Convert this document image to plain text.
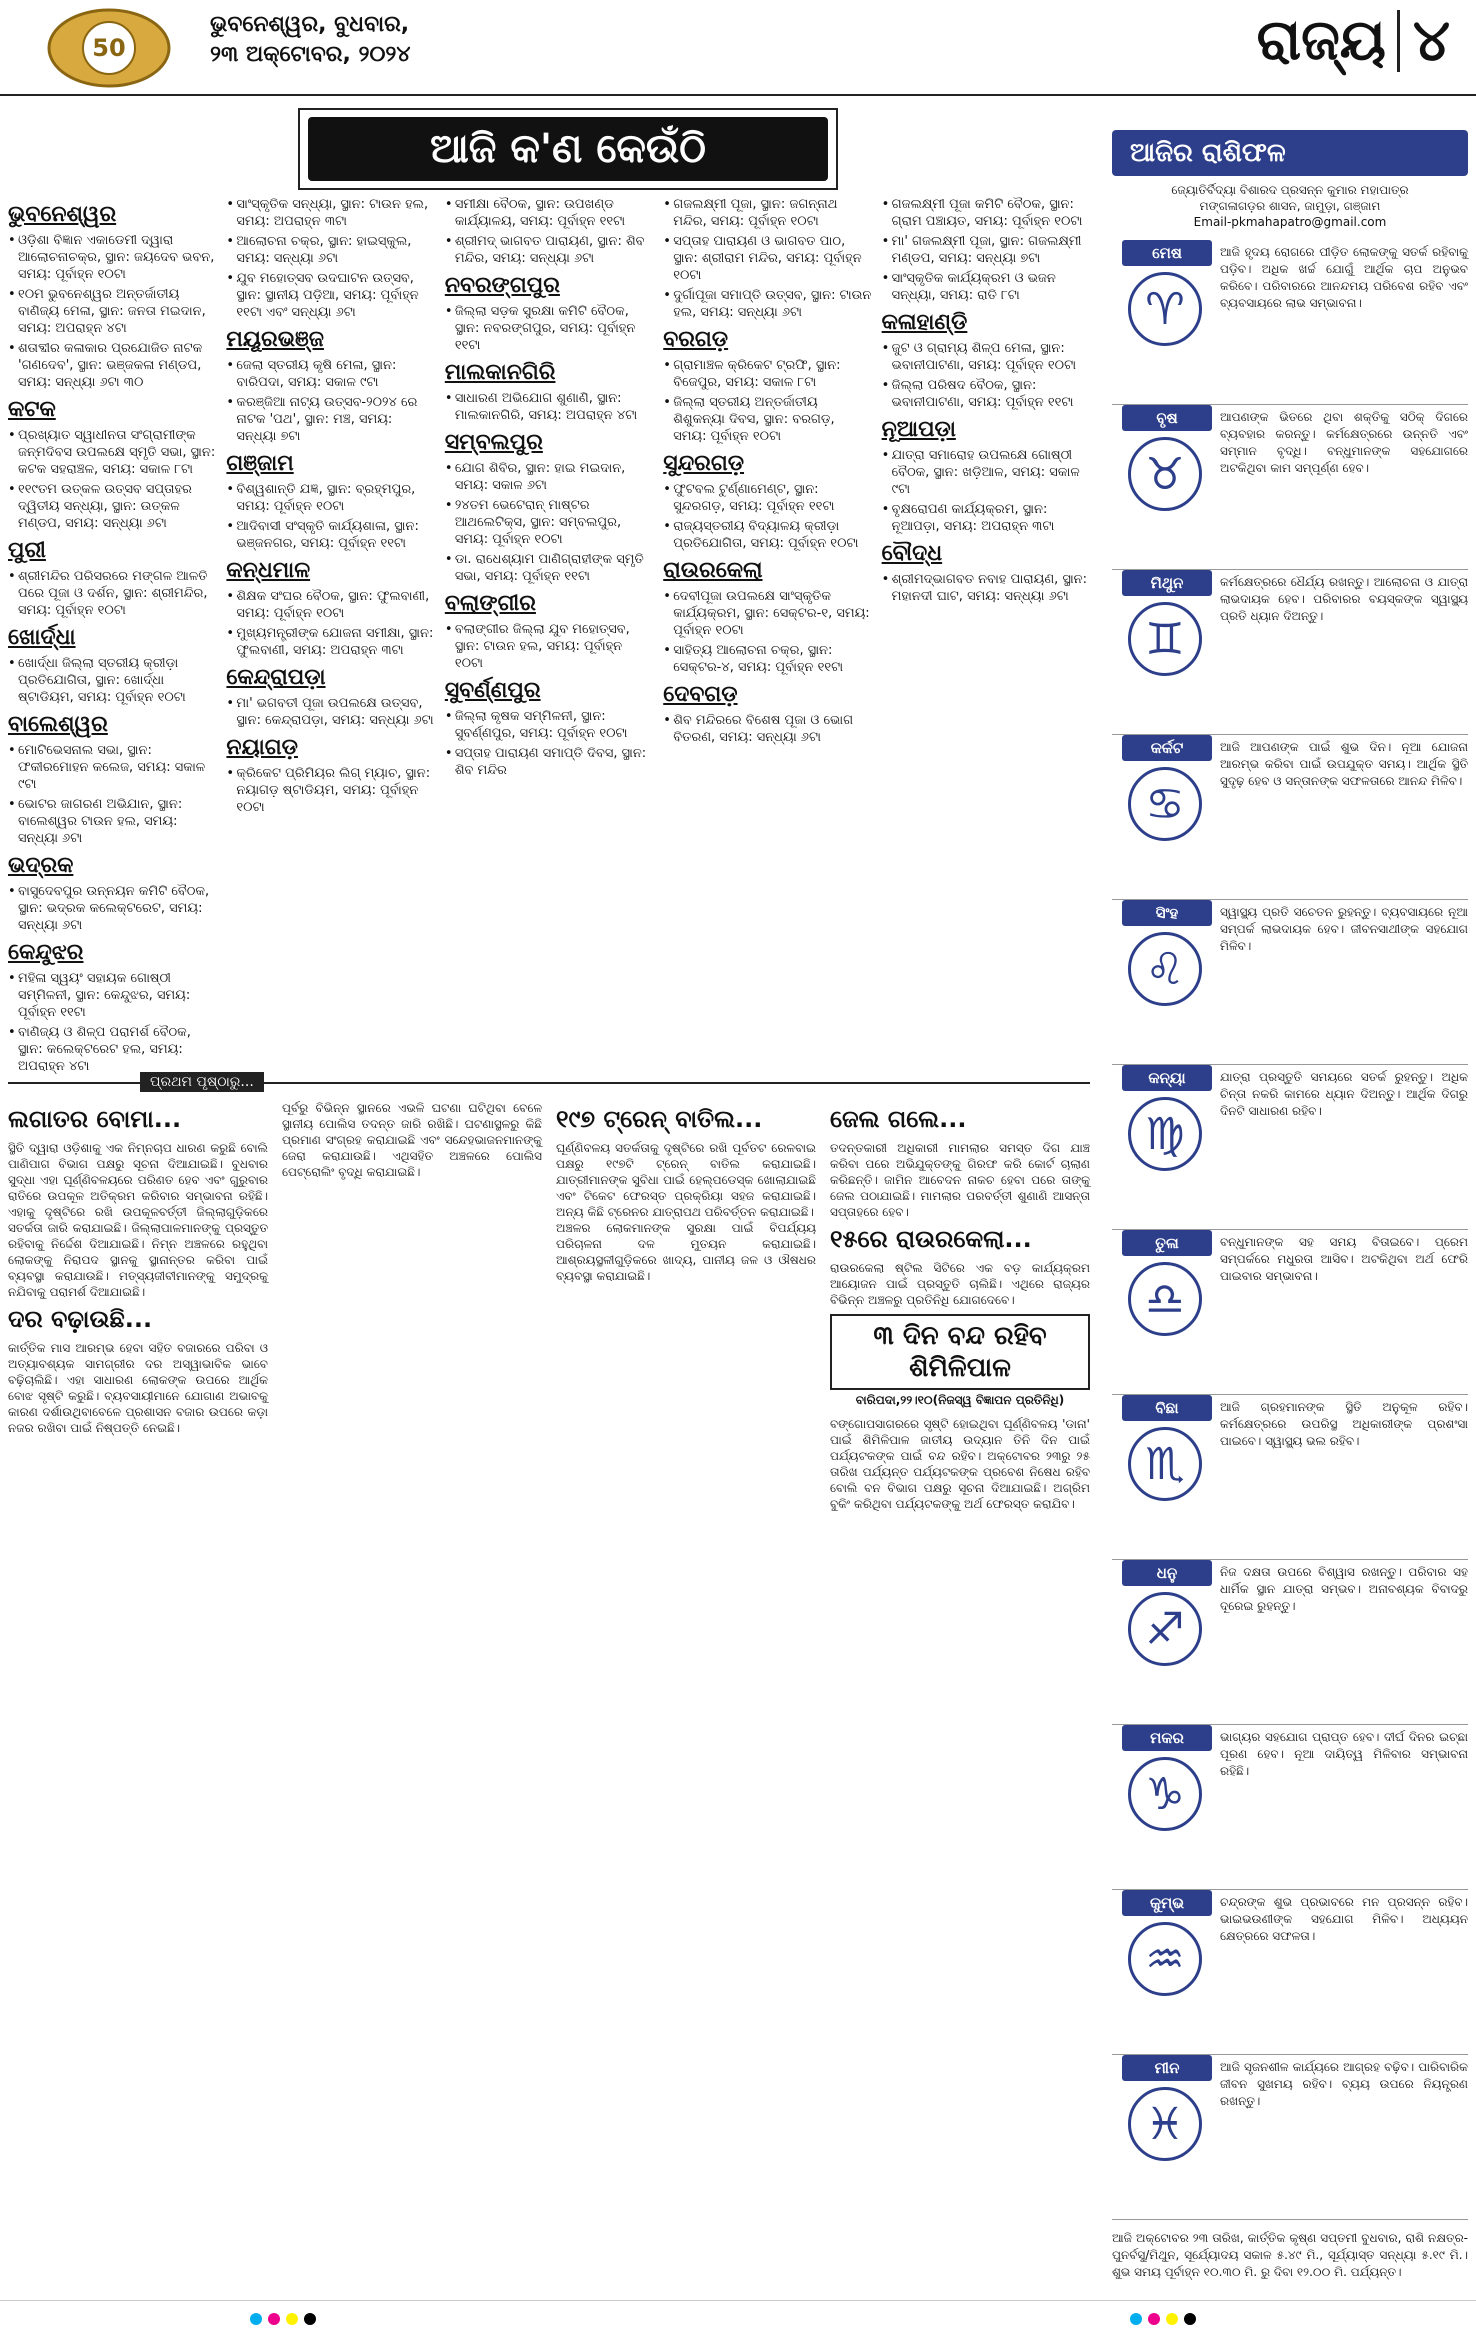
50
ଭୁବନେଶ୍ୱର, ବୁଧବାର,
୨୩ ଅକ୍ଟୋବର, ୨୦୨୪	ରାଜ୍ୟ ୪
ଆଜି କ'ଣ କେଉଁଠି
ଭୁବନେଶ୍ୱର
• ଓଡ଼ିଶା ବିଜ୍ଞାନ ଏକାଡେମୀ ଦ୍ୱାରା ଆଲୋଚନାଚକ୍ର, ସ୍ଥାନ: ଜୟଦେବ ଭବନ, ସମୟ: ପୂର୍ବାହ୍ନ ୧୦ଟା
• ୧୦ମ ଭୁବନେଶ୍ୱର ଅନ୍ତର୍ଜାତୀୟ ବାଣିଜ୍ୟ ମେଳା, ସ୍ଥାନ: ଜନତା ମଇଦାନ, ସମୟ: ଅପରାହ୍ନ ୪ଟା
• ଶତାବ୍ଦୀର କଳାକାର ପ୍ରଯୋଜିତ ନାଟକ 'ଗଣଦେବ', ସ୍ଥାନ: ଭଞ୍ଜକଳା ମଣ୍ଡପ, ସମୟ: ସନ୍ଧ୍ୟା ୬ଟା ୩୦
କଟକ
• ପ୍ରଖ୍ୟାତ ସ୍ୱାଧୀନତା ସଂଗ୍ରାମୀଙ୍କ ଜନ୍ମଦିବସ ଉପଲକ୍ଷେ ସ୍ମୃତି ସଭା, ସ୍ଥାନ: କଟକ ସହରାଞ୍ଚଳ, ସମୟ: ସକାଳ ୮ଟା
• ୧୧୯ତମ ଉତ୍କଳ ଉତ୍ସବ ସପ୍ତାହର ଦ୍ୱିତୀୟ ସନ୍ଧ୍ୟା, ସ୍ଥାନ: ଉତ୍କଳ ମଣ୍ଡପ, ସମୟ: ସନ୍ଧ୍ୟା ୬ଟା
ପୁରୀ
• ଶ୍ରୀମନ୍ଦିର ପରିସରରେ ମଙ୍ଗଳ ଆଳତି ପରେ ପୂଜା ଓ ଦର୍ଶନ, ସ୍ଥାନ: ଶ୍ରୀମନ୍ଦିର, ସମୟ: ପୂର୍ବାହ୍ନ ୧୦ଟା
ଖୋର୍ଦ୍ଧା
• ଖୋର୍ଦ୍ଧା ଜିଲ୍ଲା ସ୍ତରୀୟ କ୍ରୀଡ଼ା ପ୍ରତିଯୋଗିତା, ସ୍ଥାନ: ଖୋର୍ଦ୍ଧା ଷ୍ଟାଡିୟମ, ସମୟ: ପୂର୍ବାହ୍ନ ୧୦ଟା
ବାଲେଶ୍ୱର
• ମୋଟିଭେସନାଲ ସଭା, ସ୍ଥାନ: ଫକୀରମୋହନ କଲେଜ, ସମୟ: ସକାଳ ୯ଟା
• ଭୋଟର ଜାଗରଣ ଅଭିଯାନ, ସ୍ଥାନ: ବାଲେଶ୍ୱର ଟାଉନ ହଲ, ସମୟ: ସନ୍ଧ୍ୟା ୬ଟା
ଭଦ୍ରକ
• ବାସୁଦେବପୁର ଉନ୍ନୟନ କମିଟି ବୈଠକ, ସ୍ଥାନ: ଭଦ୍ରକ କଲେକ୍ଟରେଟ, ସମୟ: ସନ୍ଧ୍ୟା ୬ଟା
କେନ୍ଦୁଝର
• ମହିଳା ସ୍ୱୟଂ ସହାୟକ ଗୋଷ୍ଠୀ ସମ୍ମିଳନୀ, ସ୍ଥାନ: କେନ୍ଦୁଝର, ସମୟ: ପୂର୍ବାହ୍ନ ୧୧ଟା
• ବାଣିଜ୍ୟ ଓ ଶିଳ୍ପ ପରାମର୍ଶ ବୈଠକ, ସ୍ଥାନ: କଲେକ୍ଟରେଟ ହଲ, ସମୟ: ଅପରାହ୍ନ ୪ଟା
• ସାଂସ୍କୃତିକ ସନ୍ଧ୍ୟା, ସ୍ଥାନ: ଟାଉନ ହଲ, ସମୟ: ଅପରାହ୍ନ ୩ଟା
• ଆଲୋଚନା ଚକ୍ର, ସ୍ଥାନ: ହାଇସ୍କୁଲ, ସମୟ: ସନ୍ଧ୍ୟା ୬ଟା
• ଯୁବ ମହୋତ୍ସବ ଉଦଘାଟନ ଉତ୍ସବ, ସ୍ଥାନ: ସ୍ଥାନୀୟ ପଡ଼ିଆ, ସମୟ: ପୂର୍ବାହ୍ନ ୧୧ଟା ଏବଂ ସନ୍ଧ୍ୟା ୬ଟା
ମୟୂରଭଞ୍ଜ
• ଜେଲା ସ୍ତରୀୟ କୃଷି ମେଳା, ସ୍ଥାନ: ବାରିପଦା, ସମୟ: ସକାଳ ୯ଟା
• କରଞ୍ଜିଆ ନାଟ୍ୟ ଉତ୍ସବ-୨୦୨୪ ରେ ନାଟକ 'ପଥ', ସ୍ଥାନ: ମଞ୍ଚ, ସମୟ: ସନ୍ଧ୍ୟା ୭ଟା
ଗଞ୍ଜାମ
• ବିଶ୍ୱଶାନ୍ତି ଯଜ୍ଞ, ସ୍ଥାନ: ବ୍ରହ୍ମପୁର, ସମୟ: ପୂର୍ବାହ୍ନ ୧୦ଟା
• ଆଦିବାସୀ ସଂସ୍କୃତି କାର୍ଯ୍ୟଶାଳା, ସ୍ଥାନ: ଭଞ୍ଜନଗର, ସମୟ: ପୂର୍ବାହ୍ନ ୧୧ଟା
କନ୍ଧମାଳ
• ଶିକ୍ଷକ ସଂଘର ବୈଠକ, ସ୍ଥାନ: ଫୁଲବାଣୀ, ସମୟ: ପୂର୍ବାହ୍ନ ୧୦ଟା
• ମୁଖ୍ୟମନ୍ତ୍ରୀଙ୍କ ଯୋଜନା ସମୀକ୍ଷା, ସ୍ଥାନ: ଫୁଲବାଣୀ, ସମୟ: ଅପରାହ୍ନ ୩ଟା
କେନ୍ଦ୍ରାପଡ଼ା
• ମା' ଭଗବତୀ ପୂଜା ଉପଲକ୍ଷେ ଉତ୍ସବ, ସ୍ଥାନ: କେନ୍ଦ୍ରାପଡ଼ା, ସମୟ: ସନ୍ଧ୍ୟା ୬ଟା
ନୟାଗଡ଼
• କ୍ରିକେଟ ପ୍ରିମିୟର ଲିଗ୍ ମ୍ୟାଚ, ସ୍ଥାନ: ନୟାଗଡ଼ ଷ୍ଟାଡିୟମ, ସମୟ: ପୂର୍ବାହ୍ନ ୧୦ଟା
• ସମୀକ୍ଷା ବୈଠକ, ସ୍ଥାନ: ଉପଖଣ୍ଡ କାର୍ଯ୍ୟାଳୟ, ସମୟ: ପୂର୍ବାହ୍ନ ୧୧ଟା
• ଶ୍ରୀମଦ୍ ଭାଗବତ ପାରାୟଣ, ସ୍ଥାନ: ଶିବ ମନ୍ଦିର, ସମୟ: ସନ୍ଧ୍ୟା ୬ଟା
ନବରଙ୍ଗପୁର
• ଜିଲ୍ଲା ସଡ଼କ ସୁରକ୍ଷା କମିଟି ବୈଠକ, ସ୍ଥାନ: ନବରଙ୍ଗପୁର, ସମୟ: ପୂର୍ବାହ୍ନ ୧୧ଟା
ମାଲକାନଗିରି
• ସାଧାରଣ ଅଭିଯୋଗ ଶୁଣାଣି, ସ୍ଥାନ: ମାଲକାନଗିରି, ସମୟ: ଅପରାହ୍ନ ୪ଟା
ସମ୍ବଲପୁର
• ଯୋଗ ଶିବିର, ସ୍ଥାନ: ହାଇ ମଇଦାନ, ସମୟ: ସକାଳ ୬ଟା
• ୨୪ତମ ଭେଟେରାନ୍ ମାଷ୍ଟର ଆଥଲେଟିକ୍ସ, ସ୍ଥାନ: ସମ୍ବଲପୁର, ସମୟ: ପୂର୍ବାହ୍ନ ୧୦ଟା
• ଡା. ରାଧେଶ୍ୟାମ ପାଣିଗ୍ରାହୀଙ୍କ ସ୍ମୃତି ସଭା, ସମୟ: ପୂର୍ବାହ୍ନ ୧୧ଟା
ବଲାଙ୍ଗୀର
• ବଲାଙ୍ଗୀର ଜିଲ୍ଲା ଯୁବ ମହୋତ୍ସବ, ସ୍ଥାନ: ଟାଉନ ହଲ, ସମୟ: ପୂର୍ବାହ୍ନ ୧୦ଟା
ସୁବର୍ଣ୍ଣପୁର
• ଜିଲ୍ଲା କୃଷକ ସମ୍ମିଳନୀ, ସ୍ଥାନ: ସୁବର୍ଣ୍ଣପୁର, ସମୟ: ପୂର୍ବାହ୍ନ ୧୦ଟା
• ସପ୍ତାହ ପାରାୟଣ ସମାପ୍ତି ଦିବସ, ସ୍ଥାନ: ଶିବ ମନ୍ଦିର
• ଗଜଲକ୍ଷ୍ମୀ ପୂଜା, ସ୍ଥାନ: ଜଗନ୍ନାଥ ମନ୍ଦିର, ସମୟ: ପୂର୍ବାହ୍ନ ୧୦ଟା
• ସପ୍ତାହ ପାରାୟଣ ଓ ଭାଗବତ ପାଠ, ସ୍ଥାନ: ଶ୍ରୀରାମ ମନ୍ଦିର, ସମୟ: ପୂର୍ବାହ୍ନ ୧୦ଟା
• ଦୁର୍ଗାପୂଜା ସମାପ୍ତି ଉତ୍ସବ, ସ୍ଥାନ: ଟାଉନ ହଲ, ସମୟ: ସନ୍ଧ୍ୟା ୬ଟା
ବରଗଡ଼
• ଗ୍ରାମାଞ୍ଚଳ କ୍ରିକେଟ ଟ୍ରଫି, ସ୍ଥାନ: ବିଜେପୁର, ସମୟ: ସକାଳ ୮ଟା
• ଜିଲ୍ଲା ସ୍ତରୀୟ ଅନ୍ତର୍ଜାତୀୟ ଶିଶୁକନ୍ୟା ଦିବସ, ସ୍ଥାନ: ବରଗଡ଼, ସମୟ: ପୂର୍ବାହ୍ନ ୧୦ଟା
ସୁନ୍ଦରଗଡ଼
• ଫୁଟବଲ ଟୁର୍ଣ୍ଣାମେଣ୍ଟ, ସ୍ଥାନ: ସୁନ୍ଦରଗଡ଼, ସମୟ: ପୂର୍ବାହ୍ନ ୧୧ଟା
• ରାଜ୍ୟସ୍ତରୀୟ ବିଦ୍ୟାଳୟ କ୍ରୀଡ଼ା ପ୍ରତିଯୋଗିତା, ସମୟ: ପୂର୍ବାହ୍ନ ୧୦ଟା
ରାଉରକେଲା
• ଦେବୀପୂଜା ଉପଲକ୍ଷେ ସାଂସ୍କୃତିକ କାର୍ଯ୍ୟକ୍ରମ, ସ୍ଥାନ: ସେକ୍ଟର-୧, ସମୟ: ପୂର୍ବାହ୍ନ ୧୦ଟା
• ସାହିତ୍ୟ ଆଲୋଚନା ଚକ୍ର, ସ୍ଥାନ: ସେକ୍ଟର-୪, ସମୟ: ପୂର୍ବାହ୍ନ ୧୧ଟା
ଦେବଗଡ଼
• ଶିବ ମନ୍ଦିରରେ ବିଶେଷ ପୂଜା ଓ ଭୋଗ ବିତରଣ, ସମୟ: ସନ୍ଧ୍ୟା ୬ଟା
• ଗଜଲକ୍ଷ୍ମୀ ପୂଜା କମିଟି ବୈଠକ, ସ୍ଥାନ: ଗ୍ରାମ ପଞ୍ଚାୟତ, ସମୟ: ପୂର୍ବାହ୍ନ ୧୦ଟା
• ମା' ଗଜଲକ୍ଷ୍ମୀ ପୂଜା, ସ୍ଥାନ: ଗଜଲକ୍ଷ୍ମୀ ମଣ୍ଡପ, ସମୟ: ସନ୍ଧ୍ୟା ୭ଟା
• ସାଂସ୍କୃତିକ କାର୍ଯ୍ୟକ୍ରମ ଓ ଭଜନ ସନ୍ଧ୍ୟା, ସମୟ: ରାତି ୮ଟା
କଳାହାଣ୍ଡି
• ଜୁଟ ଓ ଗ୍ରାମ୍ୟ ଶିଳ୍ପ ମେଳା, ସ୍ଥାନ: ଭବାନୀପାଟଣା, ସମୟ: ପୂର୍ବାହ୍ନ ୧୦ଟା
• ଜିଲ୍ଲା ପରିଷଦ ବୈଠକ, ସ୍ଥାନ: ଭବାନୀପାଟଣା, ସମୟ: ପୂର୍ବାହ୍ନ ୧୧ଟା
ନୂଆପଡ଼ା
• ଯାତ୍ରା ସମାରୋହ ଉପଲକ୍ଷେ ଗୋଷ୍ଠୀ ବୈଠକ, ସ୍ଥାନ: ଖଡ଼ିଆଳ, ସମୟ: ସକାଳ ୯ଟା
• ବୃକ୍ଷରୋପଣ କାର୍ଯ୍ୟକ୍ରମ, ସ୍ଥାନ: ନୂଆପଡ଼ା, ସମୟ: ଅପରାହ୍ନ ୩ଟା
ବୌଦ୍ଧ
• ଶ୍ରୀମଦ୍ଭାଗବତ ନବାହ ପାରାୟଣ, ସ୍ଥାନ: ମହାନଦୀ ଘାଟ, ସମୟ: ସନ୍ଧ୍ୟା ୬ଟା
ପ୍ରଥମ ପୃଷ୍ଠାରୁ...
ଲଗାତର ବୋମା...

ସ୍ଥିତି ଦ୍ୱାରା ଓଡ଼ିଶାକୁ ଏକ ନିମ୍ନଚାପ ଧାରଣ କରୁଛି ବୋଲି ପାଣିପାଗ ବିଭାଗ ପକ୍ଷରୁ ସୂଚନା ଦିଆଯାଇଛି। ବୁଧବାର ସୁଦ୍ଧା ଏହା ଘୂର୍ଣ୍ଣିବଳୟରେ ପରିଣତ ହେବ ଏବଂ ଗୁରୁବାର ରାତିରେ ଉପକୂଳ ଅତିକ୍ରମ କରିବାର ସମ୍ଭାବନା ରହିଛି। ଏହାକୁ ଦୃଷ୍ଟିରେ ରଖି ଉପକୂଳବର୍ତ୍ତୀ ଜିଲ୍ଲାଗୁଡ଼ିକରେ ସତର୍କତା ଜାରି କରାଯାଇଛି। ଜିଲ୍ଲାପାଳମାନଙ୍କୁ ପ୍ରସ୍ତୁତ ରହିବାକୁ ନିର୍ଦ୍ଦେଶ ଦିଆଯାଇଛି। ନିମ୍ନ ଅଞ୍ଚଳରେ ରହୁଥିବା ଲୋକଙ୍କୁ ନିରାପଦ ସ୍ଥାନକୁ ସ୍ଥାନାନ୍ତର କରିବା ପାଇଁ ବ୍ୟବସ୍ଥା କରାଯାଉଛି। ମତ୍ସ୍ୟଜୀବୀମାନଙ୍କୁ ସମୁଦ୍ରକୁ ନଯିବାକୁ ପରାମର୍ଶ ଦିଆଯାଇଛି।

ଦର ବଢ଼ାଉଛି...

କାର୍ତ୍ତିକ ମାସ ଆରମ୍ଭ ହେବା ସହିତ ବଜାରରେ ପରିବା ଓ ଅତ୍ୟାବଶ୍ୟକ ସାମଗ୍ରୀର ଦର ଅସ୍ୱାଭାବିକ ଭାବେ ବଢ଼ିଚାଲିଛି। ଏହା ସାଧାରଣ ଲୋକଙ୍କ ଉପରେ ଆର୍ଥିକ ବୋଝ ସୃଷ୍ଟି କରୁଛି। ବ୍ୟବସାୟୀମାନେ ଯୋଗାଣ ଅଭାବକୁ କାରଣ ଦର୍ଶାଉଥିବାବେଳେ ପ୍ରଶାସନ ବଜାର ଉପରେ କଡ଼ା ନଜର ରଖିବା ପାଇଁ ନିଷ୍ପତ୍ତି ନେଇଛି।

ପୂର୍ବରୁ ବିଭିନ୍ନ ସ୍ଥାନରେ ଏଭଳି ଘଟଣା ଘଟିଥିବା ବେଳେ ସ୍ଥାନୀୟ ପୋଲିସ ତଦନ୍ତ ଜାରି ରଖିଛି। ଘଟଣାସ୍ଥଳରୁ କିଛି ପ୍ରମାଣ ସଂଗ୍ରହ କରାଯାଇଛି ଏବଂ ସନ୍ଦେହଭାଜନମାନଙ୍କୁ ଜେରା କରାଯାଉଛି। ଏଥିସହିତ ଅଞ୍ଚଳରେ ପୋଲିସ ପେଟ୍ରୋଲିଂ ବୃଦ୍ଧି କରାଯାଇଛି।

୧୯୭ ଟ୍ରେନ୍ ବାତିଲ...

ଘୂର୍ଣ୍ଣିବଳୟ ସତର୍କତାକୁ ଦୃଷ୍ଟିରେ ରଖି ପୂର୍ବତଟ ରେଳବାଇ ପକ୍ଷରୁ ୧୯୭ଟି ଟ୍ରେନ୍ ବାତିଲ କରାଯାଇଛି। ଯାତ୍ରୀମାନଙ୍କ ସୁବିଧା ପାଇଁ ହେଲ୍ପଡେସ୍କ ଖୋଲାଯାଇଛି ଏବଂ ଟିକେଟ ଫେରସ୍ତ ପ୍ରକ୍ରିୟା ସହଜ କରାଯାଇଛି। ଅନ୍ୟ କିଛି ଟ୍ରେନର ଯାତ୍ରାପଥ ପରିବର୍ତ୍ତନ କରାଯାଇଛି।

ଅଞ୍ଚଳର ଲୋକମାନଙ୍କ ସୁରକ୍ଷା ପାଇଁ ବିପର୍ଯ୍ୟୟ ପରିଚାଳନା ଦଳ ମୁତୟନ କରାଯାଇଛି। ଆଶ୍ରୟସ୍ଥଳୀଗୁଡ଼ିକରେ ଖାଦ୍ୟ, ପାନୀୟ ଜଳ ଓ ଔଷଧର ବ୍ୟବସ୍ଥା କରାଯାଇଛି।

ଜେଲ ଗଲେ...

ତଦନ୍ତକାରୀ ଅଧିକାରୀ ମାମଲାର ସମସ୍ତ ଦିଗ ଯାଞ୍ଚ କରିବା ପରେ ଅଭିଯୁକ୍ତଙ୍କୁ ଗିରଫ କରି କୋର୍ଟ ଚାଲାଣ କରିଛନ୍ତି। ଜାମିନ ଆବେଦନ ନାକଚ ହେବା ପରେ ତାଙ୍କୁ ଜେଲ ପଠାଯାଇଛି। ମାମଲାର ପରବର୍ତ୍ତୀ ଶୁଣାଣି ଆସନ୍ତା ସପ୍ତାହରେ ହେବ।

୧୫ରେ ରାଉରକେଲା...

ରାଉରକେଲା ଷ୍ଟିଲ ସିଟିରେ ଏକ ବଡ଼ କାର୍ଯ୍ୟକ୍ରମ ଆୟୋଜନ ପାଇଁ ପ୍ରସ୍ତୁତି ଚାଲିଛି। ଏଥିରେ ରାଜ୍ୟର ବିଭିନ୍ନ ଅଞ୍ଚଳରୁ ପ୍ରତିନିଧି ଯୋଗଦେବେ।

୩ ଦିନ ବନ୍ଦ ରହିବ ଶିମିଳିପାଳ
ବାରିପଦା,୨୨।୧୦(ନିଜସ୍ୱ ବିଜ୍ଞାପନ ପ୍ରତିନିଧି)

ବଙ୍ଗୋପସାଗରରେ ସୃଷ୍ଟି ହୋଇଥିବା ଘୂର୍ଣ୍ଣିବଳୟ 'ଡାନା' ପାଇଁ ଶିମିଳିପାଳ ଜାତୀୟ ଉଦ୍ୟାନ ତିନି ଦିନ ପାଇଁ ପର୍ଯ୍ୟଟକଙ୍କ ପାଇଁ ବନ୍ଦ ରହିବ। ଅକ୍ଟୋବର ୨୩ରୁ ୨୫ ତାରିଖ ପର୍ଯ୍ୟନ୍ତ ପର୍ଯ୍ୟଟକଙ୍କ ପ୍ରବେଶ ନିଷେଧ ରହିବ ବୋଲି ବନ ବିଭାଗ ପକ୍ଷରୁ ସୂଚନା ଦିଆଯାଇଛି। ଅଗ୍ରିମ ବୁକିଂ କରିଥିବା ପର୍ଯ୍ୟଟକଙ୍କୁ ଅର୍ଥ ଫେରସ୍ତ କରାଯିବ।

ଆଜିର ରାଶିଫଳ
ଜ୍ୟୋତିର୍ବିଦ୍ୟା ବିଶାରଦ ପ୍ରସନ୍ନ କୁମାର ମହାପାତ୍ର
ମଙ୍ଗଳାଗଡ଼ର ଶାସନ, ଜାମୁଡ଼ା, ଗଞ୍ଜାମ
Email-pkmahapatro@gmail.com
ମେଷ
♈
ଆଜି ହୃଦୟ ରୋଗରେ ପୀଡ଼ିତ ଲୋକଙ୍କୁ ସତର୍କ ରହିବାକୁ ପଡ଼ିବ। ଅଧିକ ଖର୍ଚ୍ଚ ଯୋଗୁଁ ଆର୍ଥିକ ଚାପ ଅନୁଭବ କରିବେ। ପରିବାରରେ ଆନନ୍ଦମୟ ପରିବେଶ ରହିବ ଏବଂ ବ୍ୟବସାୟରେ ଲାଭ ସମ୍ଭାବନା।
ବୃଷ
♉
ଆପଣଙ୍କ ଭିତରେ ଥିବା ଶକ୍ତିକୁ ସଠିକ୍ ଦିଗରେ ବ୍ୟବହାର କରନ୍ତୁ। କର୍ମକ୍ଷେତ୍ରରେ ଉନ୍ନତି ଏବଂ ସମ୍ମାନ ବୃଦ୍ଧି। ବନ୍ଧୁମାନଙ୍କ ସହଯୋଗରେ ଅଟକିଥିବା କାମ ସମ୍ପୂର୍ଣ୍ଣ ହେବ।
ମିଥୁନ
♊
କର୍ମକ୍ଷେତ୍ରରେ ଧୈର୍ଯ୍ୟ ରଖନ୍ତୁ। ଆଲୋଚନା ଓ ଯାତ୍ରା ଲାଭଦାୟକ ହେବ। ପରିବାରର ବୟସ୍କଙ୍କ ସ୍ୱାସ୍ଥ୍ୟ ପ୍ରତି ଧ୍ୟାନ ଦିଅନ୍ତୁ।
କର୍କଟ
♋
ଆଜି ଆପଣଙ୍କ ପାଇଁ ଶୁଭ ଦିନ। ନୂଆ ଯୋଜନା ଆରମ୍ଭ କରିବା ପାଇଁ ଉପଯୁକ୍ତ ସମୟ। ଆର୍ଥିକ ସ୍ଥିତି ସୁଦୃଢ଼ ହେବ ଓ ସନ୍ତାନଙ୍କ ସଫଳତାରେ ଆନନ୍ଦ ମିଳିବ।
ସିଂହ
♌
ସ୍ୱାସ୍ଥ୍ୟ ପ୍ରତି ସଚେତନ ରୁହନ୍ତୁ। ବ୍ୟବସାୟରେ ନୂଆ ସମ୍ପର୍କ ଲାଭଦାୟକ ହେବ। ଜୀବନସାଥୀଙ୍କ ସହଯୋଗ ମିଳିବ।
କନ୍ୟା
♍
ଯାତ୍ରା ପ୍ରସ୍ତୁତି ସମୟରେ ସତର୍କ ରୁହନ୍ତୁ। ଅଧିକ ଚିନ୍ତା ନକରି କାମରେ ଧ୍ୟାନ ଦିଅନ୍ତୁ। ଆର୍ଥିକ ଦିଗରୁ ଦିନଟି ସାଧାରଣ ରହିବ।
ତୁଳା
♎
ବନ୍ଧୁମାନଙ୍କ ସହ ସମୟ ବିତାଇବେ। ପ୍ରେମ ସମ୍ପର୍କରେ ମଧୁରତା ଆସିବ। ଅଟକିଥିବା ଅର୍ଥ ଫେରି ପାଇବାର ସମ୍ଭାବନା।
ବିଛା
♏
ଆଜି ଗ୍ରହମାନଙ୍କ ସ୍ଥିତି ଅନୁକୂଳ ରହିବ। କର୍ମକ୍ଷେତ୍ରରେ ଉପରିସ୍ଥ ଅଧିକାରୀଙ୍କ ପ୍ରଶଂସା ପାଇବେ। ସ୍ୱାସ୍ଥ୍ୟ ଭଲ ରହିବ।
ଧନୁ
♐
ନିଜ ଦକ୍ଷତା ଉପରେ ବିଶ୍ୱାସ ରଖନ୍ତୁ। ପରିବାର ସହ ଧାର୍ମିକ ସ୍ଥାନ ଯାତ୍ରା ସମ୍ଭବ। ଅନାବଶ୍ୟକ ବିବାଦରୁ ଦୂରେଇ ରୁହନ୍ତୁ।
ମକର
♑
ଭାଗ୍ୟର ସହଯୋଗ ପ୍ରାପ୍ତ ହେବ। ଦୀର୍ଘ ଦିନର ଇଚ୍ଛା ପୂରଣ ହେବ। ନୂଆ ଦାୟିତ୍ୱ ମିଳିବାର ସମ୍ଭାବନା ରହିଛି।
କୁମ୍ଭ
♒
ଚନ୍ଦ୍ରଙ୍କ ଶୁଭ ପ୍ରଭାବରେ ମନ ପ୍ରସନ୍ନ ରହିବ। ଭାଇଭଉଣୀଙ୍କ ସହଯୋଗ ମିଳିବ। ଅଧ୍ୟୟନ କ୍ଷେତ୍ରରେ ସଫଳତା।
ମୀନ
♓
ଆଜି ସୃଜନଶୀଳ କାର୍ଯ୍ୟରେ ଆଗ୍ରହ ବଢ଼ିବ। ପାରିବାରିକ ଜୀବନ ସୁଖମୟ ରହିବ। ବ୍ୟୟ ଉପରେ ନିୟନ୍ତ୍ରଣ ରଖନ୍ତୁ।
ଆଜି ଅକ୍ଟୋବର ୨୩ ତାରିଖ, କାର୍ତ୍ତିକ କୃଷ୍ଣ ସପ୍ତମୀ ବୁଧବାର, ରାଶି ନକ୍ଷତ୍ର-ପୁନର୍ବସୁ/ମିଥୁନ, ସୂର୍ଯ୍ୟୋଦୟ ସକାଳ ୫.୪୯ ମି., ସୂର୍ଯ୍ୟାସ୍ତ ସନ୍ଧ୍ୟା ୫.୧୯ ମି.। ଶୁଭ ସମୟ ପୂର୍ବାହ୍ନ ୧୦.୩୦ ମି. ରୁ ଦିବା ୧୨.୦୦ ମି. ପର୍ଯ୍ୟନ୍ତ।
